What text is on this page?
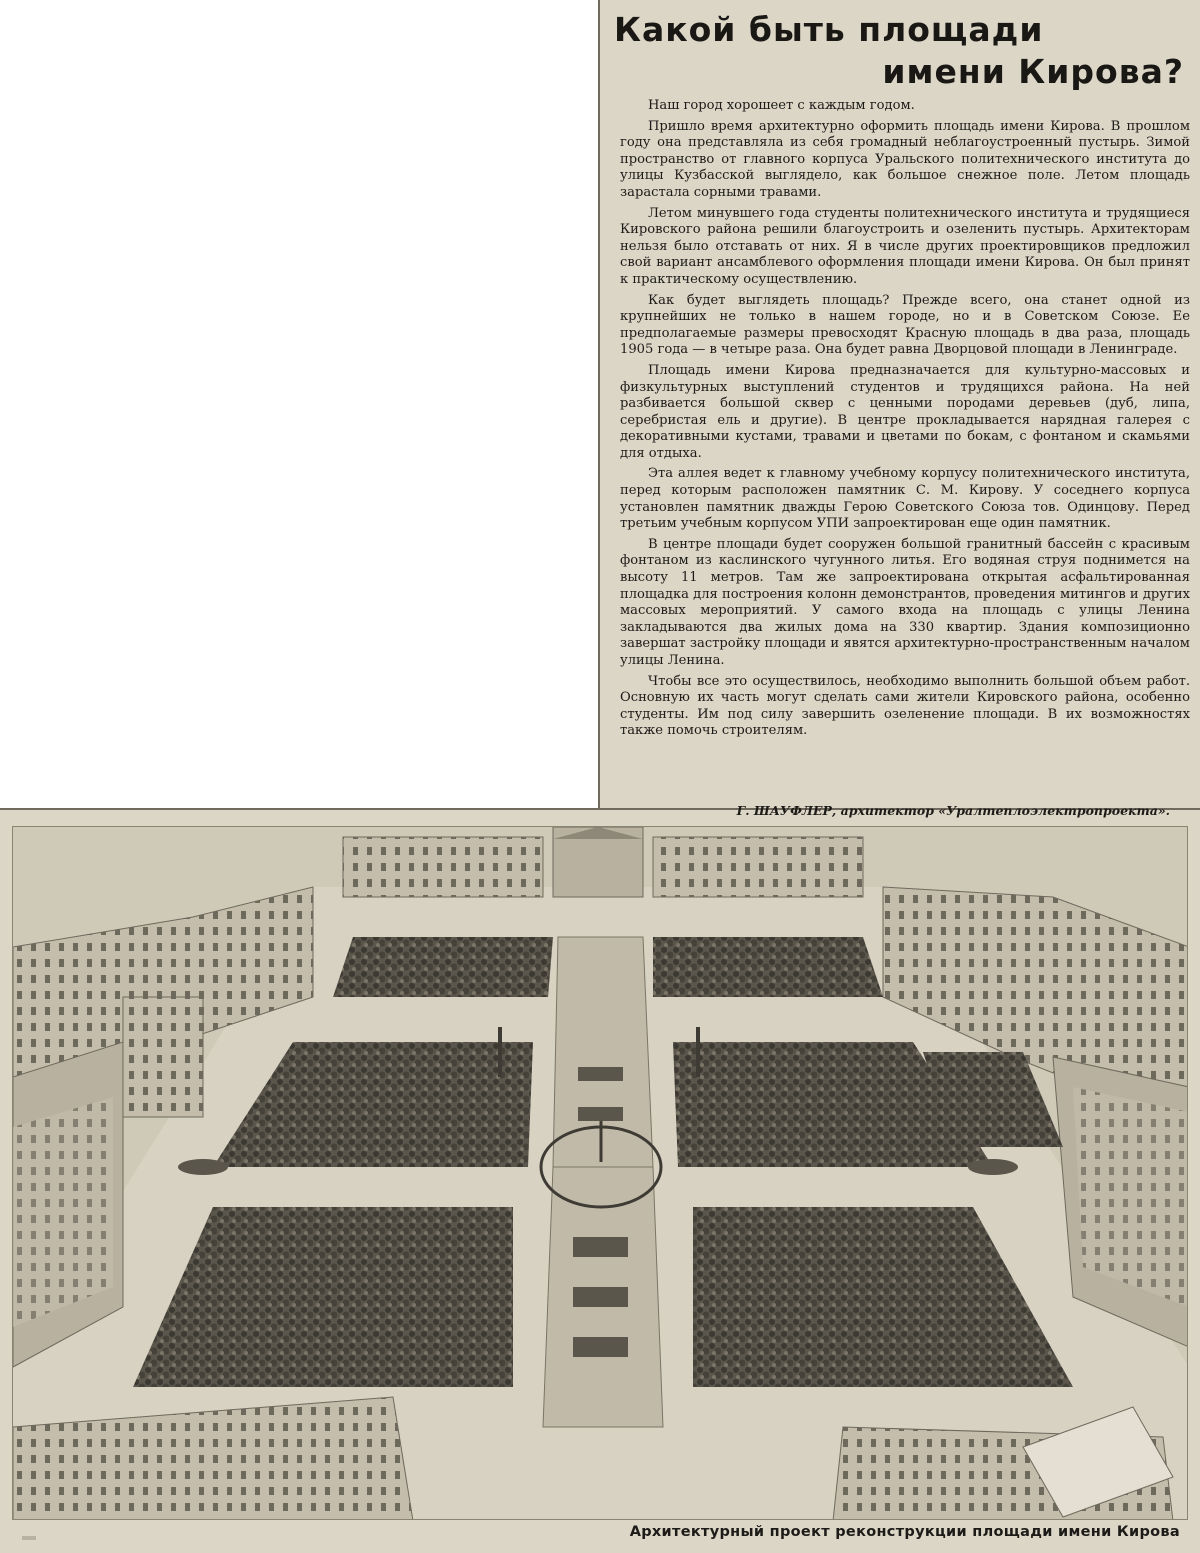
Какой быть площади
имени Кирова?

Наш город хорошеет с каждым годом.

Пришло время архитектурно оформить площадь имени Кирова. В прошлом году она представляла из себя громадный неблагоустроенный пустырь. Зимой пространство от главного корпуса Уральского политехнического института до улицы Кузбасской выглядело, как большое снежное поле. Летом площадь зарастала сорными травами.

Летом минувшего года студенты политехнического института и трудящиеся Кировского района решили благоустроить и озеленить пустырь. Архитекторам нельзя было отставать от них. Я в числе других проектировщиков предложил свой вариант ансамблевого оформления площади имени Кирова. Он был принят к практическому осуществлению.

Как будет выглядеть площадь? Прежде всего, она станет одной из крупнейших не только в нашем городе, но и в Советском Союзе. Ее предполагаемые размеры превосходят Красную площадь в два раза, площадь 1905 года — в четыре раза. Она будет равна Дворцовой площади в Ленинграде.

Площадь имени Кирова предназначается для культурно-массовых и физкультурных выступлений студентов и трудящихся района. На ней разбивается большой сквер с ценными породами деревьев (дуб, липа, серебристая ель и другие). В центре прокладывается нарядная галерея с декоративными кустами, травами и цветами по бокам, с фонтаном и скамьями для отдыха.

Эта аллея ведет к главному учебному корпусу политехнического института, перед которым расположен памятник С. М. Кирову. У соседнего корпуса установлен памятник дважды Герою Советского Союза тов. Одинцову. Перед третьим учебным корпусом УПИ запроектирован еще один памятник.

В центре площади будет сооружен большой гранитный бассейн с красивым фонтаном из каслинского чугунного литья. Его водяная струя поднимется на высоту 11 метров. Там же запроектирована открытая асфальтированная площадка для построения колонн демонстрантов, проведения митингов и других массовых мероприятий. У самого входа на площадь с улицы Ленина закладываются два жилых дома на 330 квартир. Здания композиционно завершат застройку площади и явятся архитектурно-пространственным началом улицы Ленина.

Чтобы все это осуществилось, необходимо выполнить большой объем работ. Основную их часть могут сделать сами жители Кировского района, особенно студенты. Им под силу завершить озеленение площади. В их возможностях также помочь строителям.

Г. ШАУФЛЕР, архитектор «Уралтеплоэлектропроекта».
Архитектурный проект реконструкции площади имени Кирова
